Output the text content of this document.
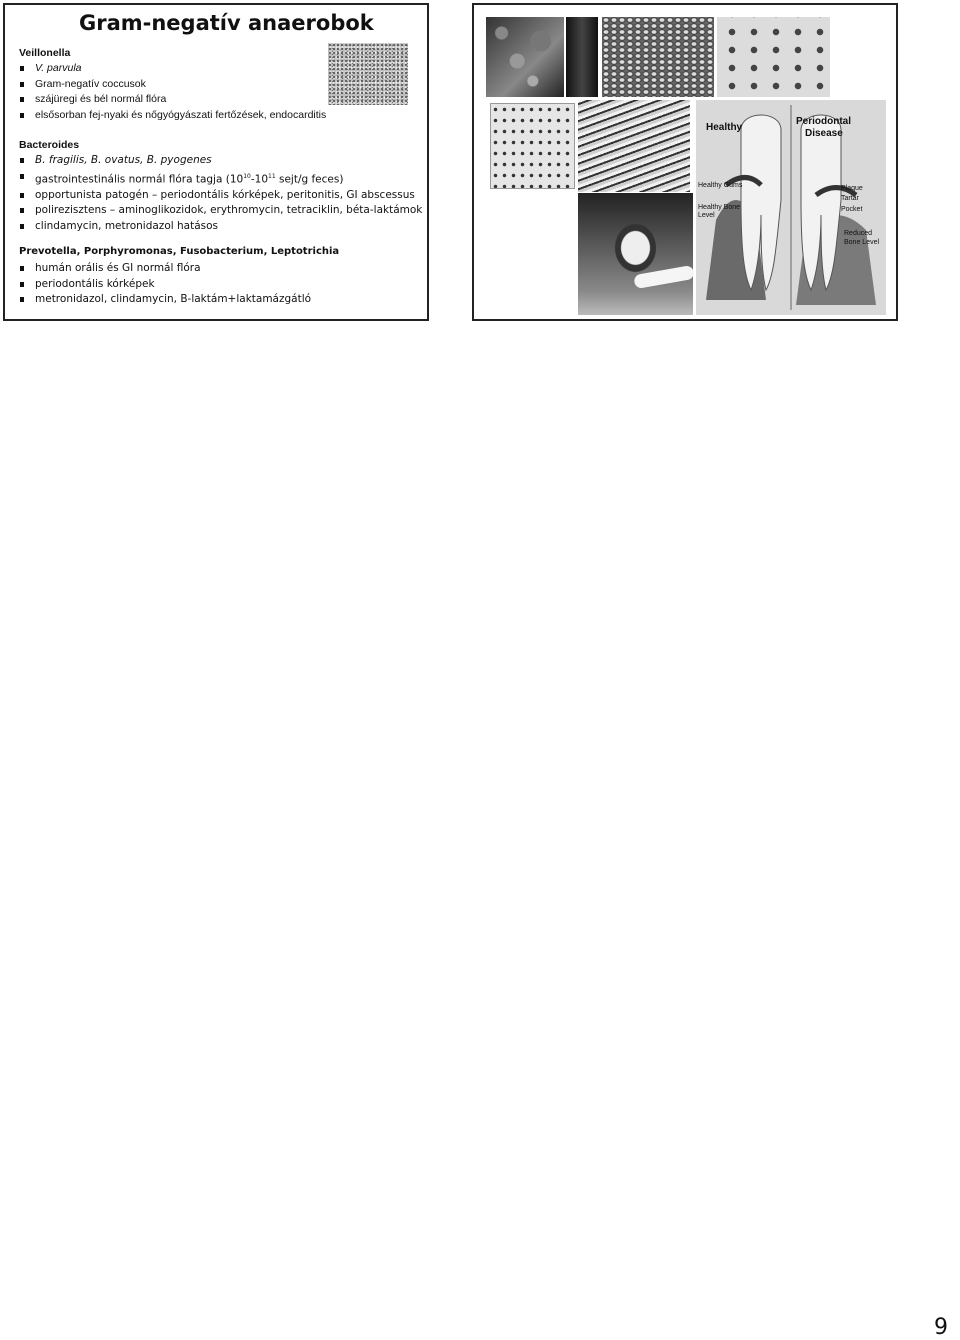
Gram-negatív anaerobok
Veillonella
V. parvula
Gram-negatív coccusok
szájüregi és bél normál flóra
elsősorban fej-nyaki és nőgyógyászati fertőzések, endocarditis
Bacteroides
B. fragilis, B. ovatus, B. pyogenes
gastrointestinális normál flóra tagja ($10^{10}-10^{11}$ sejt/g feces)
opportunista patogén – periodontális kórképek, peritonitis, GI abscessus
polirezisztens – aminoglikozidok, erythromycin, tetraciklin, béta-laktámok
clindamycin, metronidazol hatásos
Prevotella, Porphyromonas, Fusobacterium, Leptotrichia
humán orális és GI normál flóra
periodontális kórképek
metronidazol, clindamycin, B-laktám+laktamázgátló
Healthy
Periodontal
Disease
Healthy Gums
Healthy Bone
Level
Plaque
Tartar
Pocket
Reduced
Bone Level
9
